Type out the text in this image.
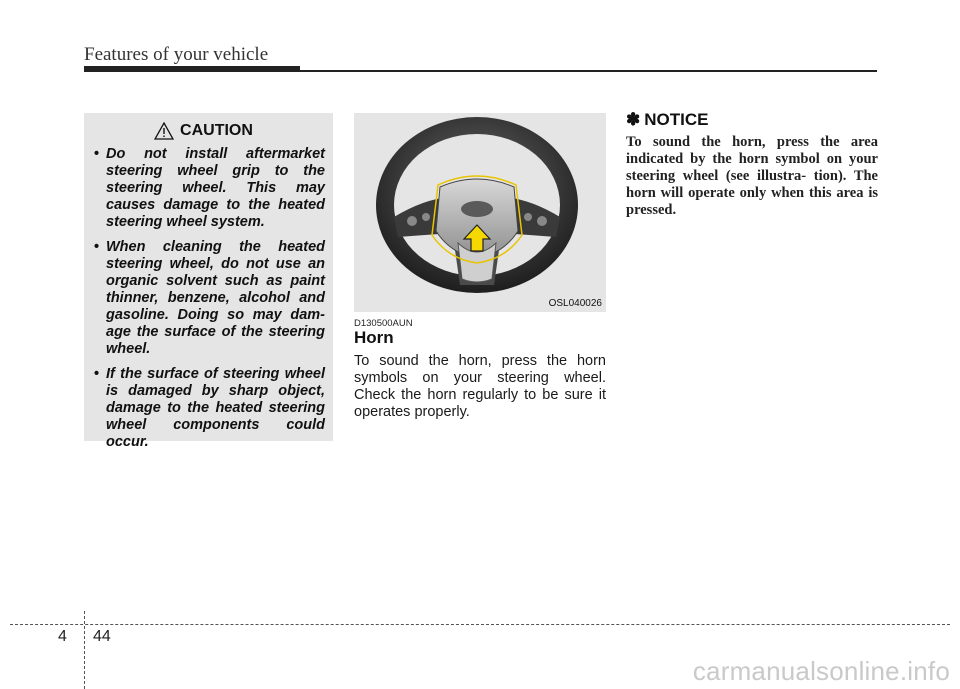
Features of your vehicle
CAUTION
• Do not install aftermarket steering wheel grip to the steering wheel. This may causes damage to the heated steering wheel system.
• When cleaning the heated steering wheel, do not use an organic solvent such as paint thinner, benzene, alcohol and gasoline. Doing so may dam- age the surface of the steering wheel.
• If the surface of steering wheel is damaged by sharp object, damage to the heated steering wheel components could occur.
OSL040026
D130500AUN
Horn
To sound the horn, press the horn symbols on your steering wheel. Check the horn regularly to be sure it operates properly.
✽ NOTICE
To sound the horn, press the area indicated by the horn symbol on your steering wheel (see illustra- tion). The horn will operate only when this area is pressed.
4 44
carmanualsonline.info
